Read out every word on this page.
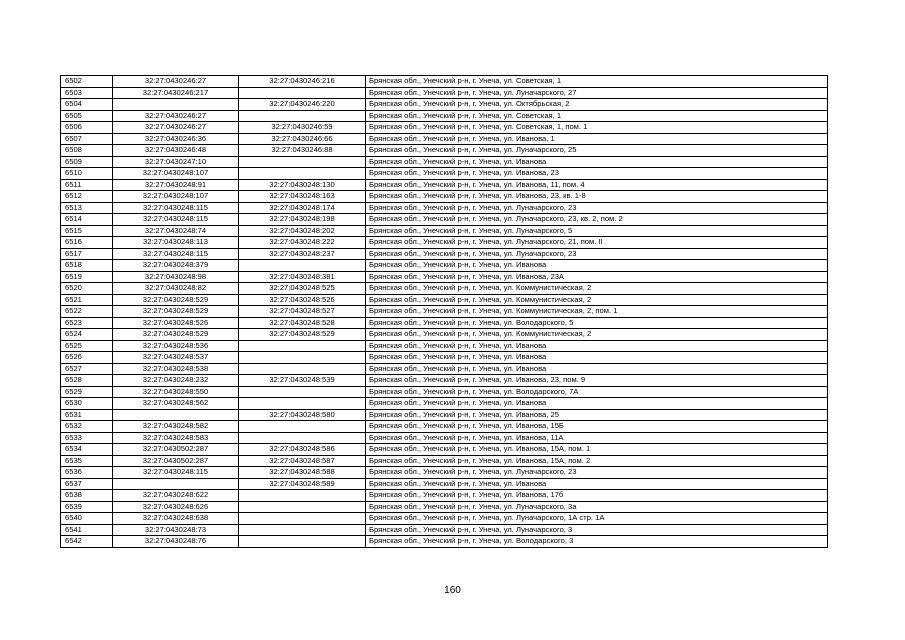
6502	32:27:0430246:27	32:27:0430246:216	Брянская обл., Унечский р-н, г. Унеча, ул. Советская, 1
6503	32:27:0430246:217		Брянская обл., Унечский р-н, г. Унеча, ул. Луначарского, 27
6504		32:27:0430246:220	Брянская обл., Унечский р-н, г. Унеча, ул. Октябрьская, 2
6505	32:27:0430246:27		Брянская обл., Унечский р-н, г. Унеча, ул. Советская, 1
6506	32:27:0430246:27	32:27:0430246:59	Брянская обл., Унечский р-н, г. Унеча, ул. Советская, 1, пом. 1
6507	32:27:0430246:36	32:27:0430246:66	Брянская обл., Унечский р-н, г. Унеча, ул. Иванова, 1
6508	32:27:0430246:48	32:27:0430246:88	Брянская обл., Унечский р-н, г. Унеча, ул. Луначарского, 25
6509	32:27:0430247:10		Брянская обл., Унечский р-н, г. Унеча, ул. Иванова
6510	32:27:0430248:107		Брянская обл., Унечский р-н, г. Унеча, ул. Иванова, 23
6511	32:27:0430248:91	32:27:0430248:130	Брянская обл., Унечский р-н, г. Унеча, ул. Иванова, 11, пом. 4
6512	32:27:0430248:107	32:27:0430248:163	Брянская обл., Унечский р-н, г. Унеча, ул. Иванова, 23, кв. 1-8
6513	32:27:0430248:115	32:27:0430248:174	Брянская обл., Унечский р-н, г. Унеча, ул. Луначарского, 23
6514	32:27:0430248:115	32:27:0430248:198	Брянская обл., Унечский р-н, г. Унеча, ул. Луначарского, 23, кв. 2, пом. 2
6515	32:27:0430248:74	32:27:0430248:202	Брянская обл., Унечский р-н, г. Унеча, ул. Луначарского, 5
6516	32:27:0430248:113	32:27:0430248:222	Брянская обл., Унечский р-н, г. Унеча, ул. Луначарского, 21, пом. II
6517	32:27:0430248:115	32:27:0430248:237	Брянская обл., Унечский р-н, г. Унеча, ул. Луначарского, 23
6518	32:27:0430248:379		Брянская обл., Унечский р-н, г. Унеча, ул. Иванова
6519	32:27:0430248:98	32:27:0430248:381	Брянская обл., Унечский р-н, г. Унеча, ул. Иванова, 23А
6520	32:27:0430248:82	32:27:0430248:525	Брянская обл., Унечский р-н, г. Унеча, ул. Коммунистическая, 2
6521	32:27:0430248:529	32:27:0430248:526	Брянская обл., Унечский р-н, г. Унеча, ул. Коммунистическая, 2
6522	32:27:0430248:529	32:27:0430248:527	Брянская обл., Унечский р-н, г. Унеча, ул. Коммунистическая, 2, пом. 1
6523	32:27:0430248:526	32:27:0430248:528	Брянская обл., Унечский р-н, г. Унеча, ул. Володарского, 5
6524	32:27:0430248:529	32:27:0430248:529	Брянская обл., Унечский р-н, г. Унеча, ул. Коммунистическая, 2
6525	32:27:0430248:536		Брянская обл., Унечский р-н, г. Унеча, ул. Иванова
6526	32:27:0430248:537		Брянская обл., Унечский р-н, г. Унеча, ул. Иванова
6527	32:27:0430248:538		Брянская обл., Унечский р-н, г. Унеча, ул. Иванова
6528	32:27:0430248:232	32:27:0430248:539	Брянская обл., Унечский р-н, г. Унеча, ул. Иванова, 23, пом. 9
6529	32:27:0430248:550		Брянская обл., Унечский р-н, г. Унеча, ул. Володарского, 7А
6530	32:27:0430248:562		Брянская обл., Унечский р-н, г. Унеча, ул. Иванова
6531		32:27:0430248:580	Брянская обл., Унечский р-н, г. Унеча, ул. Иванова, 25
6532	32:27:0430248:582		Брянская обл., Унечский р-н, г. Унеча, ул. Иванова, 15Б
6533	32:27:0430248:583		Брянская обл., Унечский р-н, г. Унеча, ул. Иванова, 11А
6534	32:27:0430502:287	32:27:0430248:586	Брянская обл., Унечский р-н, г. Унеча, ул. Иванова, 15А, пом. 1
6535	32:27:0430502:287	32:27:0430248:587	Брянская обл., Унечский р-н, г. Унеча, ул. Иванова, 15А, пом. 2
6536	32:27:0430248:115	32:27:0430248:588	Брянская обл., Унечский р-н, г. Унеча, ул. Луначарского, 23
6537		32:27:0430248:589	Брянская обл., Унечский р-н, г. Унеча, ул. Иванова
6538	32:27:0430248:622		Брянская обл., Унечский р-н, г. Унеча, ул. Иванова, 17б
6539	32:27:0430248:626		Брянская обл., Унечский р-н, г. Унеча, ул. Луначарского, 3а
6540	32:27:0430248:638		Брянская обл., Унечский р-н, г. Унеча, ул. Луначарского, 1А стр. 1А
6541	32:27:0430248:73		Брянская обл., Унечский р-н, г. Унеча, ул. Луначарского, 3
6542	32:27:0430248:76		Брянская обл., Унечский р-н, г. Унеча, ул. Володарского, 3
160
